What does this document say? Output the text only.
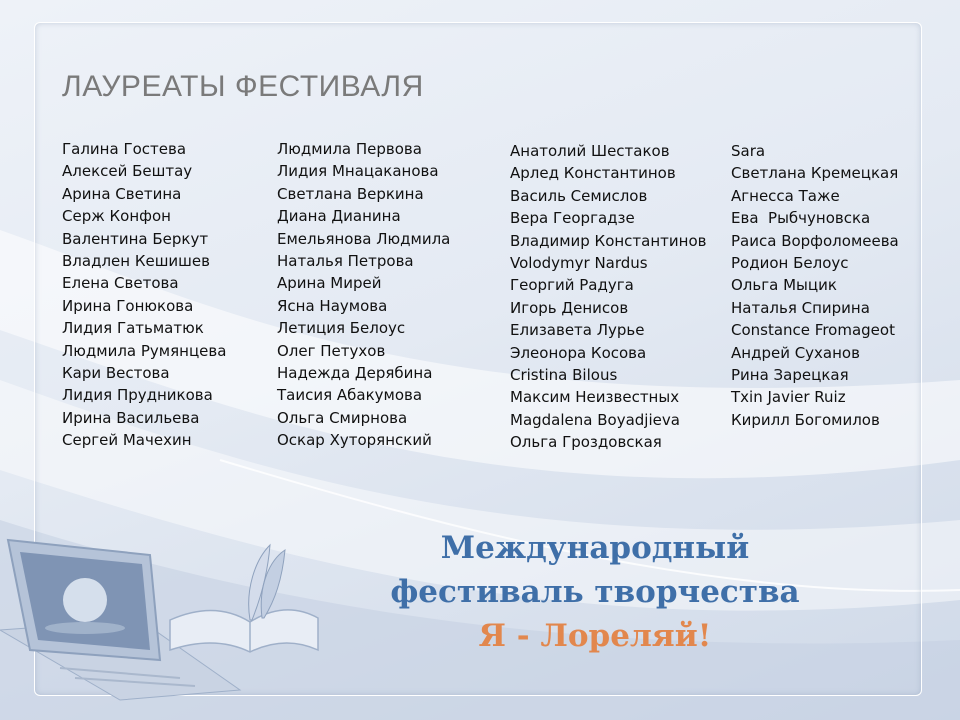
ЛАУРЕАТЫ ФЕСТИВАЛЯ
Галина Гостева
Алексей Бештау
Арина Светина
Серж Конфон
Валентина Беркут
Владлен Кешишев
Елена Светова
Ирина Гонюкова
Лидия Гатьматюк
Людмила Румянцева
Кари Вестова
Лидия Прудникова
Ирина Васильева
Сергей Мачехин
Людмила Первова
Лидия Мнацаканова
Светлана Веркина
Диана Дианина
Емельянова Людмила
Наталья Петрова
Арина Мирей
Ясна Наумова
Летиция Белоус
Олег Петухов
Надежда Дерябина
Таисия Абакумова
Ольга Смирнова
Оскар Хуторянский
Анатолий Шестаков
Арлед Константинов
Василь Семислов
Вера Георгадзе
Владимир Константинов
Volodymyr Nardus
Георгий Радуга
Игорь Денисов
Елизавета Лурье
Элеонора Косова
Cristina Bilous
Максим Неизвестных
Magdalena Boyadjieva
Ольга Гроздовская
Sara
Светлана Кремецкая
Агнесса Таже
Ева  Рыбчуновска
Раиса Ворфоломеева
Родион Белоус
Ольга Мыцик
Наталья Спирина
Constance Fromageot
Андрей Суханов
Рина Зарецкая
Txin Javier Ruiz
Кирилл Богомилов
Международный
фестиваль творчества
Я - Лореляй!
